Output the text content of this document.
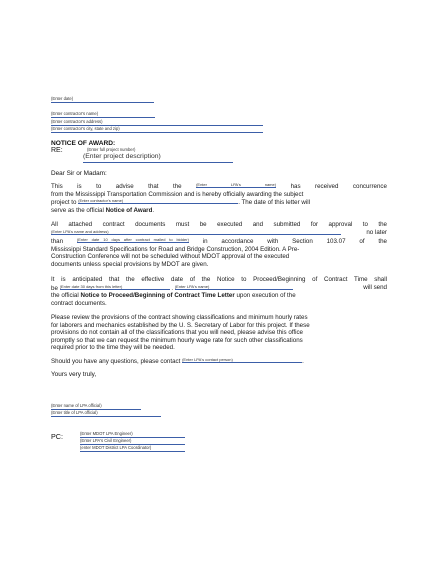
(Enter date)
(Enter contractor's name)
(Enter contractor's address)
(Enter contractor's city, state and zip)
NOTICE OF AWARD:
RE:	(Enter full project number)
(Enter project description)
Dear Sir or Madam:
This is to advise that the	(Enter LPA's name) has received concurrence
from the Mississippi Transportation Commission and is hereby officially awarding the subject
project to (Enter contractor's name)	. The date of this letter will
serve as the official Notice of Award.
All attached contract documents must be executed and submitted for approval to the
(Enter LPA's name and address)	no later
than	(Enter date 10 days after contract mailed to bidder) in accordance with Section 103.07 of the
Mississippi Standard Specifications for Road and Bridge Construction, 2004 Edition. A Pre-
Construction Conference will not be scheduled without MDOT approval of the executed
documents unless special provisions by MDOT are given.
It is anticipated that the effective date of the Notice to Proceed/Beginning of Contract Time shall
be (Enter date 30 days from this letter)	. (Enter LPA's name)	will send
the official Notice to Proceed/Beginning of Contract Time Letter upon execution of the
contract documents.
Please review the provisions of the contract showing classifications and minimum hourly rates
for laborers and mechanics established by the U. S. Secretary of Labor for this project. If these
provisions do not contain all of the classifications that you will need, please advise this office
promptly so that we can request the minimum hourly wage rate for such other classifications
required prior to the time they will be needed.
Should you have any questions, please contact (Enter LPA's contact person)	.
Yours very truly,
(Enter name of LPA official)
(Enter title of LPA official)
PC:	(Enter MDOT LPA Engineer)
(Enter LPA's Civil Engineer)
(enter MDOT District LPA Coordinator)
